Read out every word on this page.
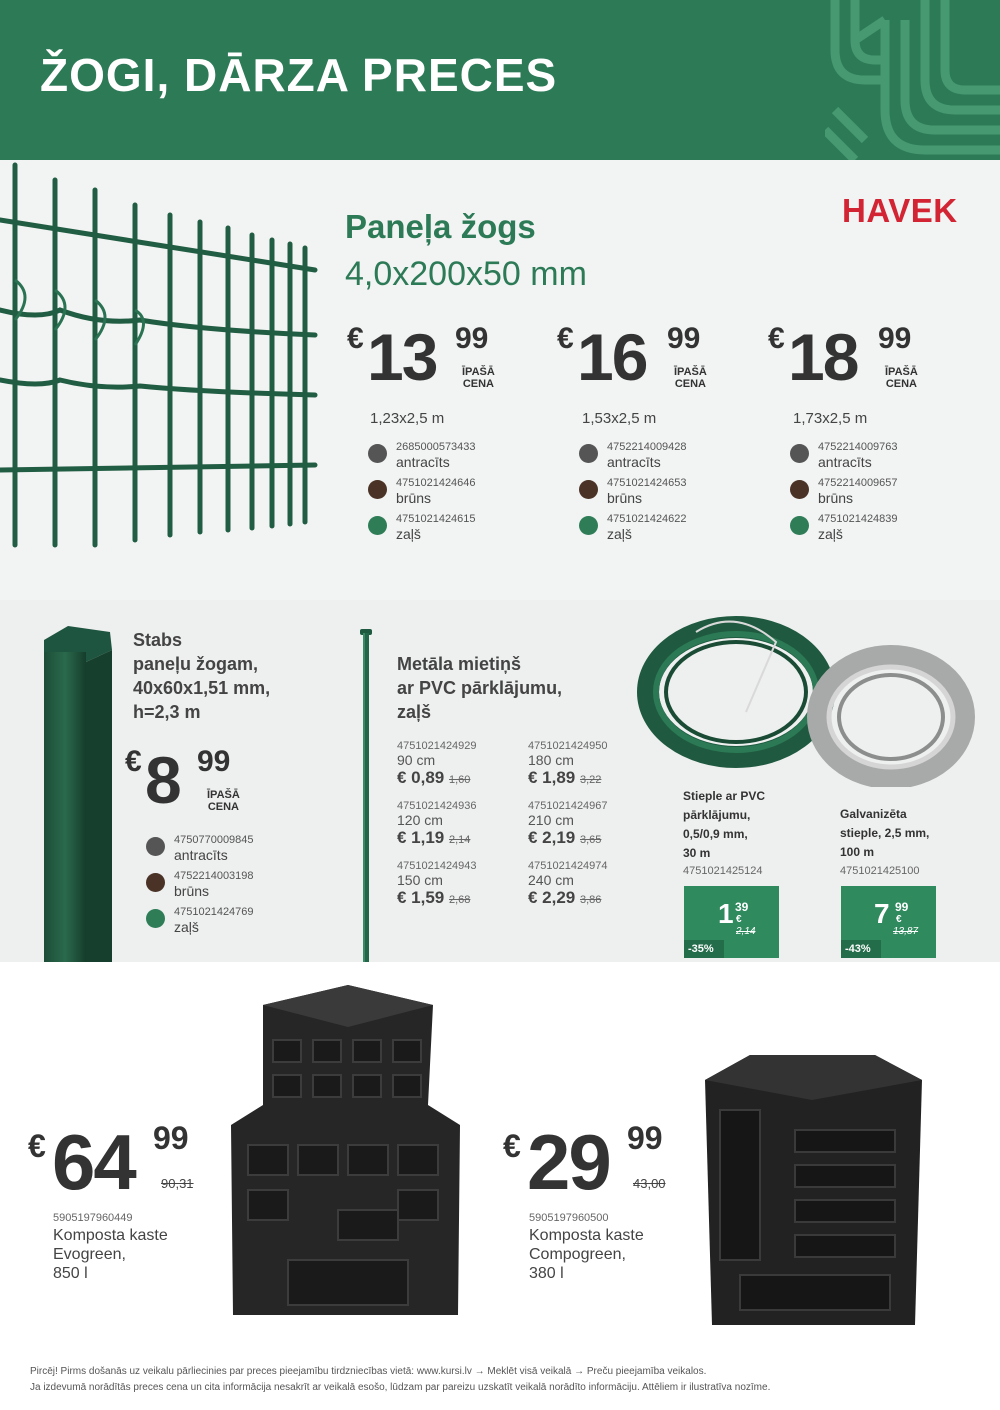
ŽOGI, DĀRZA PRECES
HAVEK
Paneļa žogs
4,0x200x50 mm
€ 13 99
ĪPAŠĀ
CENA
1,23x2,5 m
€ 16 99
ĪPAŠĀ
CENA
1,53x2,5 m
€ 18 99
ĪPAŠĀ
CENA
1,73x2,5 m
2685000573433
antracīts
4751021424646
brūns
4751021424615
zaļš
4752214009428
antracīts
4751021424653
brūns
4751021424622
zaļš
4752214009763
antracīts
4752214009657
brūns
4751021424839
zaļš
Stabs
paneļu žogam,
40x60x1,51 mm,
h=2,3 m
€ 8 99
ĪPAŠĀ
CENA
4750770009845
antracīts
4752214003198
brūns
4751021424769
zaļš
Metāla mietiņš
ar PVC pārklājumu,
zaļš
4751021424929
90 cm
€ 0,89 1,60
4751021424950
180 cm
€ 1,89 3,22
4751021424936
120 cm
€ 1,19 2,14
4751021424967
210 cm
€ 2,19 3,65
4751021424943
150 cm
€ 1,59 2,68
4751021424974
240 cm
€ 2,29 3,86
Stieple ar PVC
pārklājumu,
0,5/0,9 mm,
30 m
4751021425124
1 39
€
2,14
-35%
Galvanizēta
stieple, 2,5 mm,
100 m
4751021425100
7 99
€
13,87
-43%
€ 64 99
90,31
5905197960449
Komposta kaste
Evogreen,
850 l
€ 29 99
43,00
5905197960500
Komposta kaste
Compogreen,
380 l
Pircēj! Pirms došanās uz veikalu pārliecinies par preces pieejamību tirdzniecības vietā: www.kursi.lv → Meklēt visā veikalā → Preču pieejamība veikalos.
Ja izdevumā norādītās preces cena un cita informācija nesakrīt ar veikalā esošo, lūdzam par pareizu uzskatīt veikalā norādīto informāciju. Attēliem ir ilustratīva nozīme.
